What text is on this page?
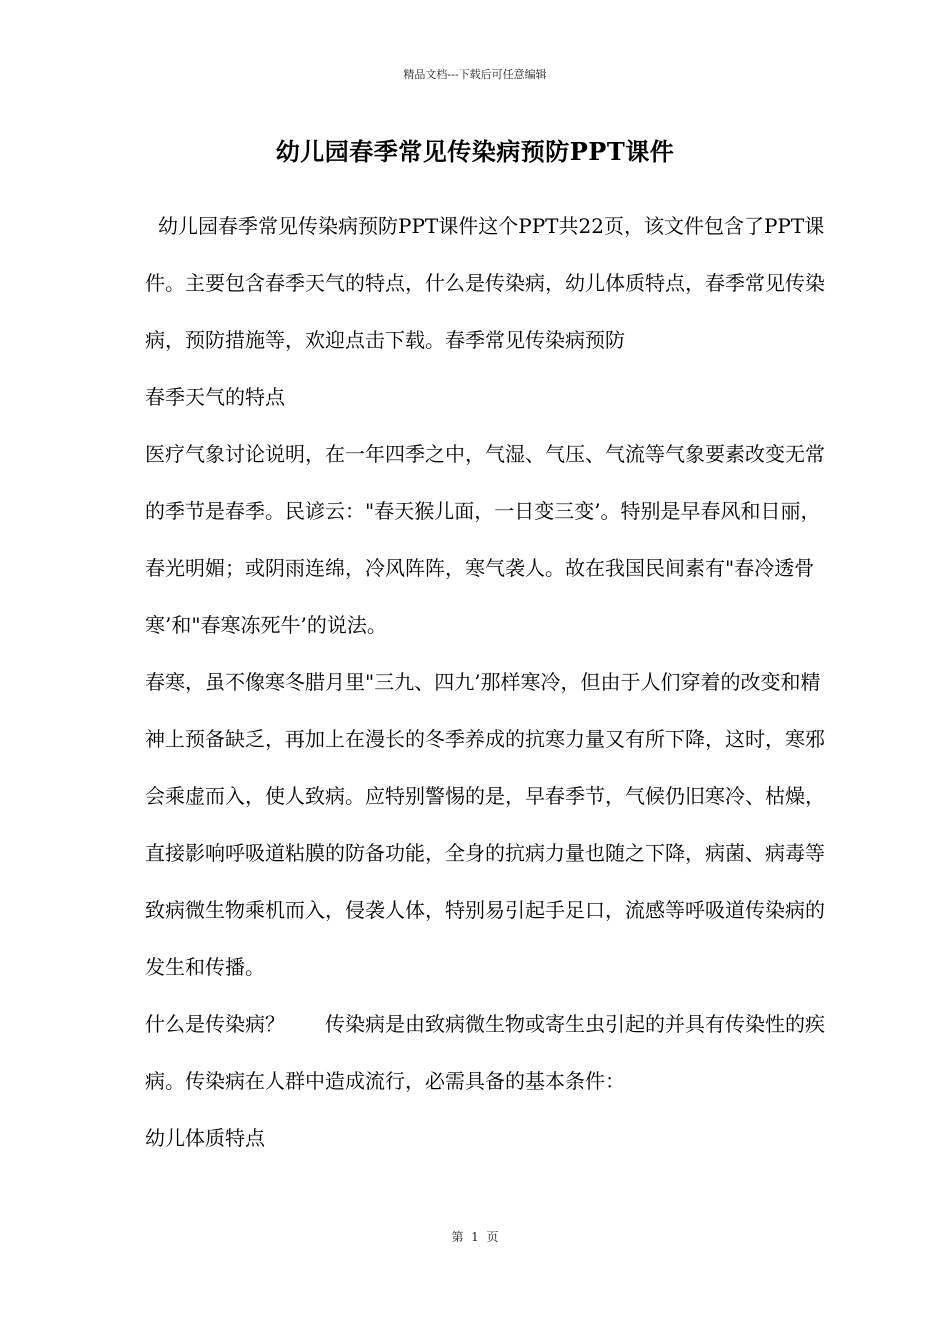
精品文档---下载后可任意编辑
幼儿园春季常见传染病预防PPT课件

幼儿园春季常见传染病预防PPT课件这个PPT共22页，该文件包含了PPT课件。主要包含春季天气的特点，什么是传染病，幼儿体质特点，春季常见传染病，预防措施等，欢迎点击下载。春季常见传染病预防

春季天气的特点

医疗气象讨论说明，在一年四季之中，气湿、气压、气流等气象要素改变无常的季节是春季。民谚云："春天猴儿面，一日变三变’。特别是早春风和日丽，春光明媚；或阴雨连绵，冷风阵阵，寒气袭人。故在我国民间素有"春冷透骨寒’和"春寒冻死牛’的说法。

春寒，虽不像寒冬腊月里"三九、四九’那样寒冷，但由于人们穿着的改变和精神上预备缺乏，再加上在漫长的冬季养成的抗寒力量又有所下降，这时，寒邪会乘虚而入，使人致病。应特别警惕的是，早春季节，气候仍旧寒冷、枯燥，直接影响呼吸道粘膜的防备功能，全身的抗病力量也随之下降，病菌、病毒等致病微生物乘机而入，侵袭人体，特别易引起手足口，流感等呼吸道传染病的发生和传播。

什么是传染病？　　传染病是由致病微生物或寄生虫引起的并具有传染性的疾病。传染病在人群中造成流行，必需具备的基本条件：

幼儿体质特点

第 1 页
